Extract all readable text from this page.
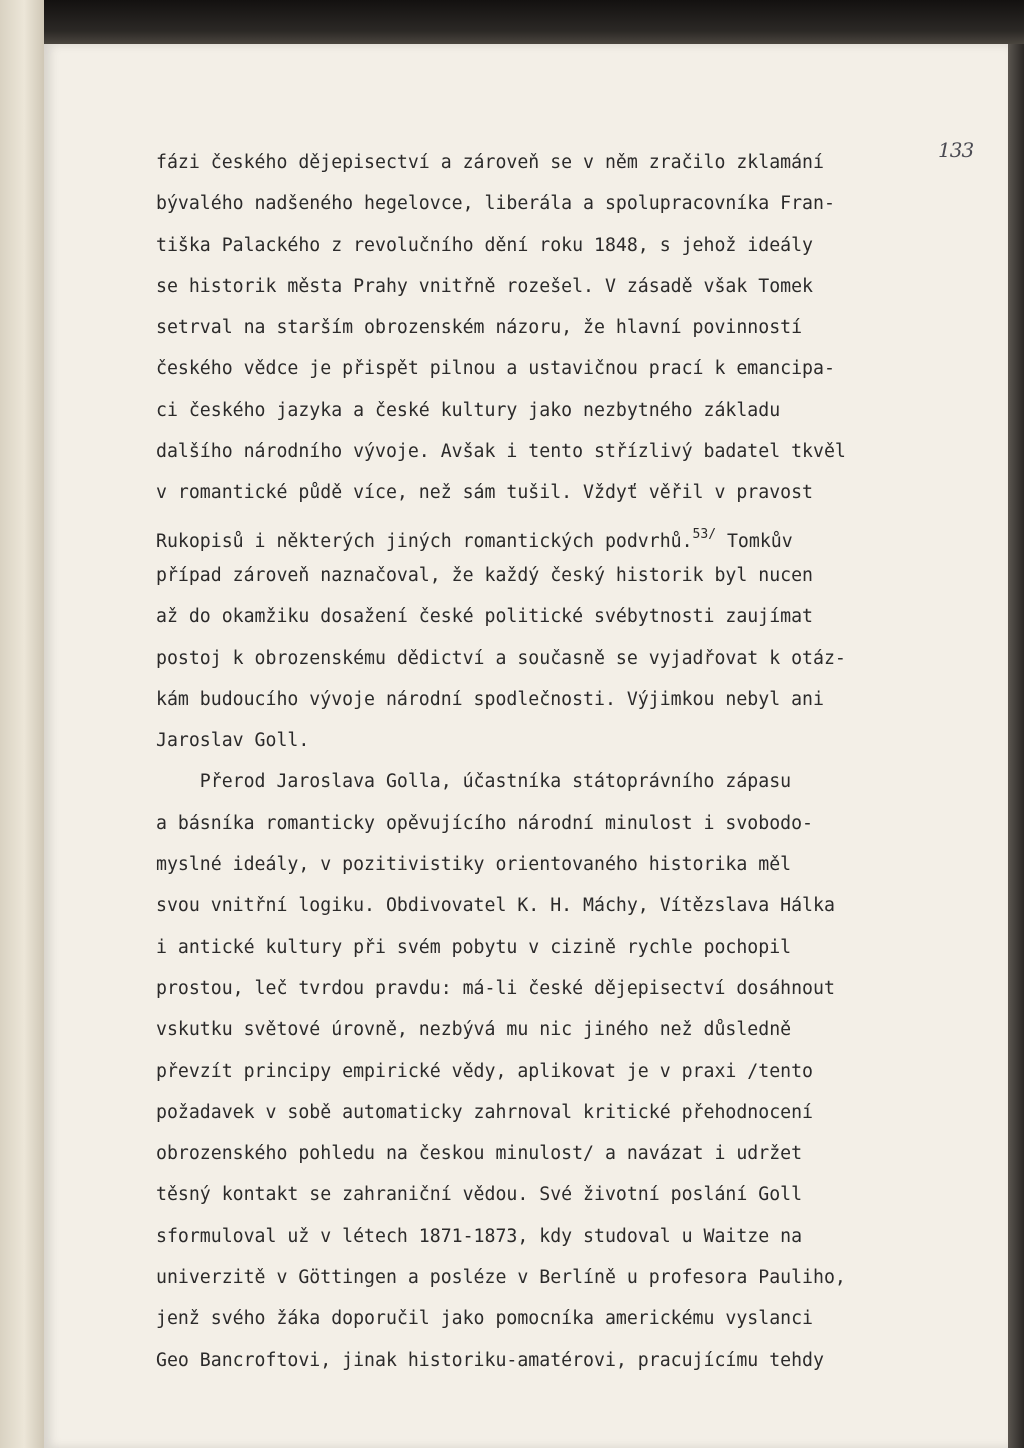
133
fázi českého dějepisectví a zároveň se v něm zračilo zklamání
bývalého nadšeného hegelovce, liberála a spolupracovníka Fran-
tiška Palackého z revolučního dění roku 1848, s jehož ideály
se historik města Prahy vnitřně rozešel. V zásadě však Tomek
setrval na starším obrozenském názoru, že hlavní povinností
českého vědce je přispět pilnou a ustavičnou prací k emancipa-
ci českého jazyka a české kultury jako nezbytného základu
dalšího národního vývoje. Avšak i tento střízlivý badatel tkvěl
v romantické půdě více, než sám tušil. Vždyť věřil v pravost
Rukopisů i některých jiných romantických podvrhů.$^{53/}$ Tomkův
případ zároveň naznačoval, že každý český historik byl nucen
až do okamžiku dosažení české politické svébytnosti zaujímat
postoj k obrozenskému dědictví a současně se vyjadřovat k otáz-
kám budoucího vývoje národní spodlečnosti. Výjimkou nebyl ani
Jaroslav Goll.
Přerod Jaroslava Golla, účastníka státoprávního zápasu
a básníka romanticky opěvujícího národní minulost i svobodo-
myslné ideály, v pozitivistiky orientovaného historika měl
svou vnitřní logiku. Obdivovatel K. H. Máchy, Vítězslava Hálka
i antické kultury při svém pobytu v cizině rychle pochopil
prostou, leč tvrdou pravdu: má-li české dějepisectví dosáhnout
vskutku světové úrovně, nezbývá mu nic jiného než důsledně
převzít principy empirické vědy, aplikovat je v praxi /tento
požadavek v sobě automaticky zahrnoval kritické přehodnocení
obrozenského pohledu na českou minulost/ a navázat i udržet
těsný kontakt se zahraniční vědou. Své životní poslání Goll
sformuloval už v létech 1871-1873, kdy studoval u Waitze na
univerzitě v Göttingen a posléze v Berlíně u profesora Pauliho,
jenž svého žáka doporučil jako pomocníka americkému vyslanci
Geo Bancroftovi, jinak historiku-amatérovi, pracujícímu tehdy
